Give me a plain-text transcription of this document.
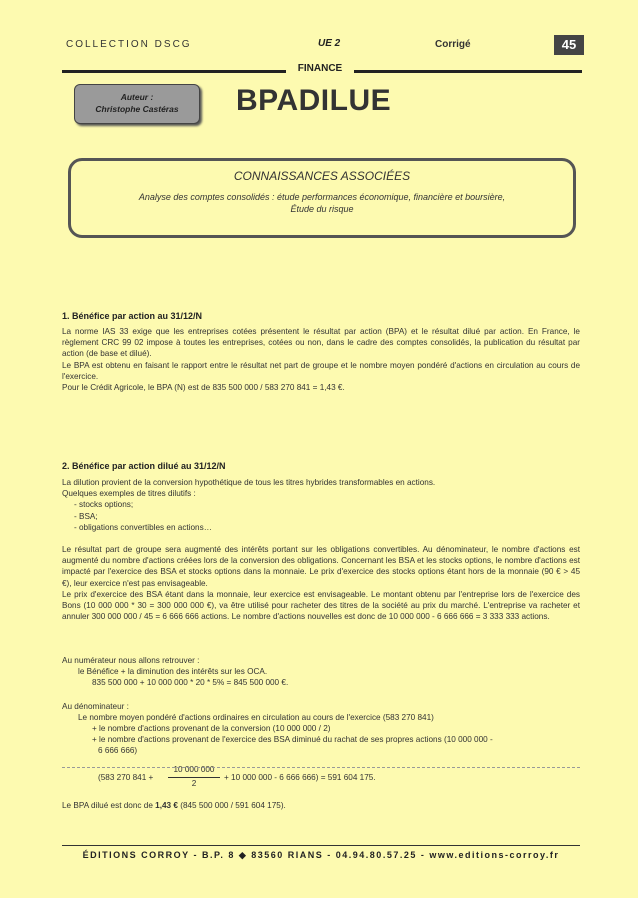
COLLECTION DSCG	UE 2	Corrigé	45
FINANCE
Auteur :
Christophe Castéras	BPADILUE
CONNAISSANCES ASSOCIÉES
Analyse des comptes consolidés : étude performances économique, financière et boursière,
Étude du risque
1. Bénéfice par action au 31/12/N
La norme IAS 33 exige que les entreprises cotées présentent le résultat par action (BPA) et le résultat dilué par action. En France, le règlement CRC 99 02 impose à toutes les entreprises, cotées ou non, dans le cadre des comptes consolidés, la publication du résultat par action (de base et dilué).
Le BPA est obtenu en faisant le rapport entre le résultat net part de groupe et le nombre moyen pondéré d'actions en circulation au cours de l'exercice.
Pour le Crédit Agricole, le BPA (N) est de 835 500 000 / 583 270 841 = 1,43 €.
2. Bénéfice par action dilué au 31/12/N
La dilution provient de la conversion hypothétique de tous les titres hybrides transformables en actions.
Quelques exemples de titres dilutifs :
- stocks options;
- BSA;
- obligations convertibles en actions…
Le résultat part de groupe sera augmenté des intérêts portant sur les obligations convertibles. Au dénominateur, le nombre d'actions est augmenté du nombre d'actions créées lors de la conversion des obligations. Concernant les BSA et les stocks options, le nombre d'actions est impacté par l'exercice des BSA et stocks options dans la monnaie. Le prix d'exercice des stocks options étant hors de la monnaie (90 € > 45 €), leur exercice n'est pas envisageable.
Le prix d'exercice des BSA étant dans la monnaie, leur exercice est envisageable. Le montant obtenu par l'entreprise lors de l'exercice des Bons (10 000 000 * 30 = 300 000 000 €), va être utilisé pour racheter des titres de la société au prix du marché. L'entreprise va racheter et annuler 300 000 000 / 45 = 6 666 666 actions. Le nombre d'actions nouvelles est donc de 10 000 000 - 6 666 666 = 3 333 333 actions.
Au numérateur nous allons retrouver :
le Bénéfice + la diminution des intérêts sur les OCA.
835 500 000 + 10 000 000 * 20 * 5% = 845 500 000 €.
Au dénominateur :
Le nombre moyen pondéré d'actions ordinaires en circulation au cours de l'exercice (583 270 841)
+ le nombre d'actions provenant de la conversion (10 000 000 / 2)
+ le nombre d'actions provenant de l'exercice des BSA diminué du rachat de ses propres actions (10 000 000 -
6 666 666)
(583 270 841 +
10 000 000
2
+ 10 000 000 - 6 666 666) = 591 604 175.
Le BPA dilué est donc de 1,43 € (845 500 000 / 591 604 175).
ÉDITIONS CORROY - B.P. 8 ◆ 83560 RIANS - 04.94.80.57.25 - www.editions-corroy.fr
